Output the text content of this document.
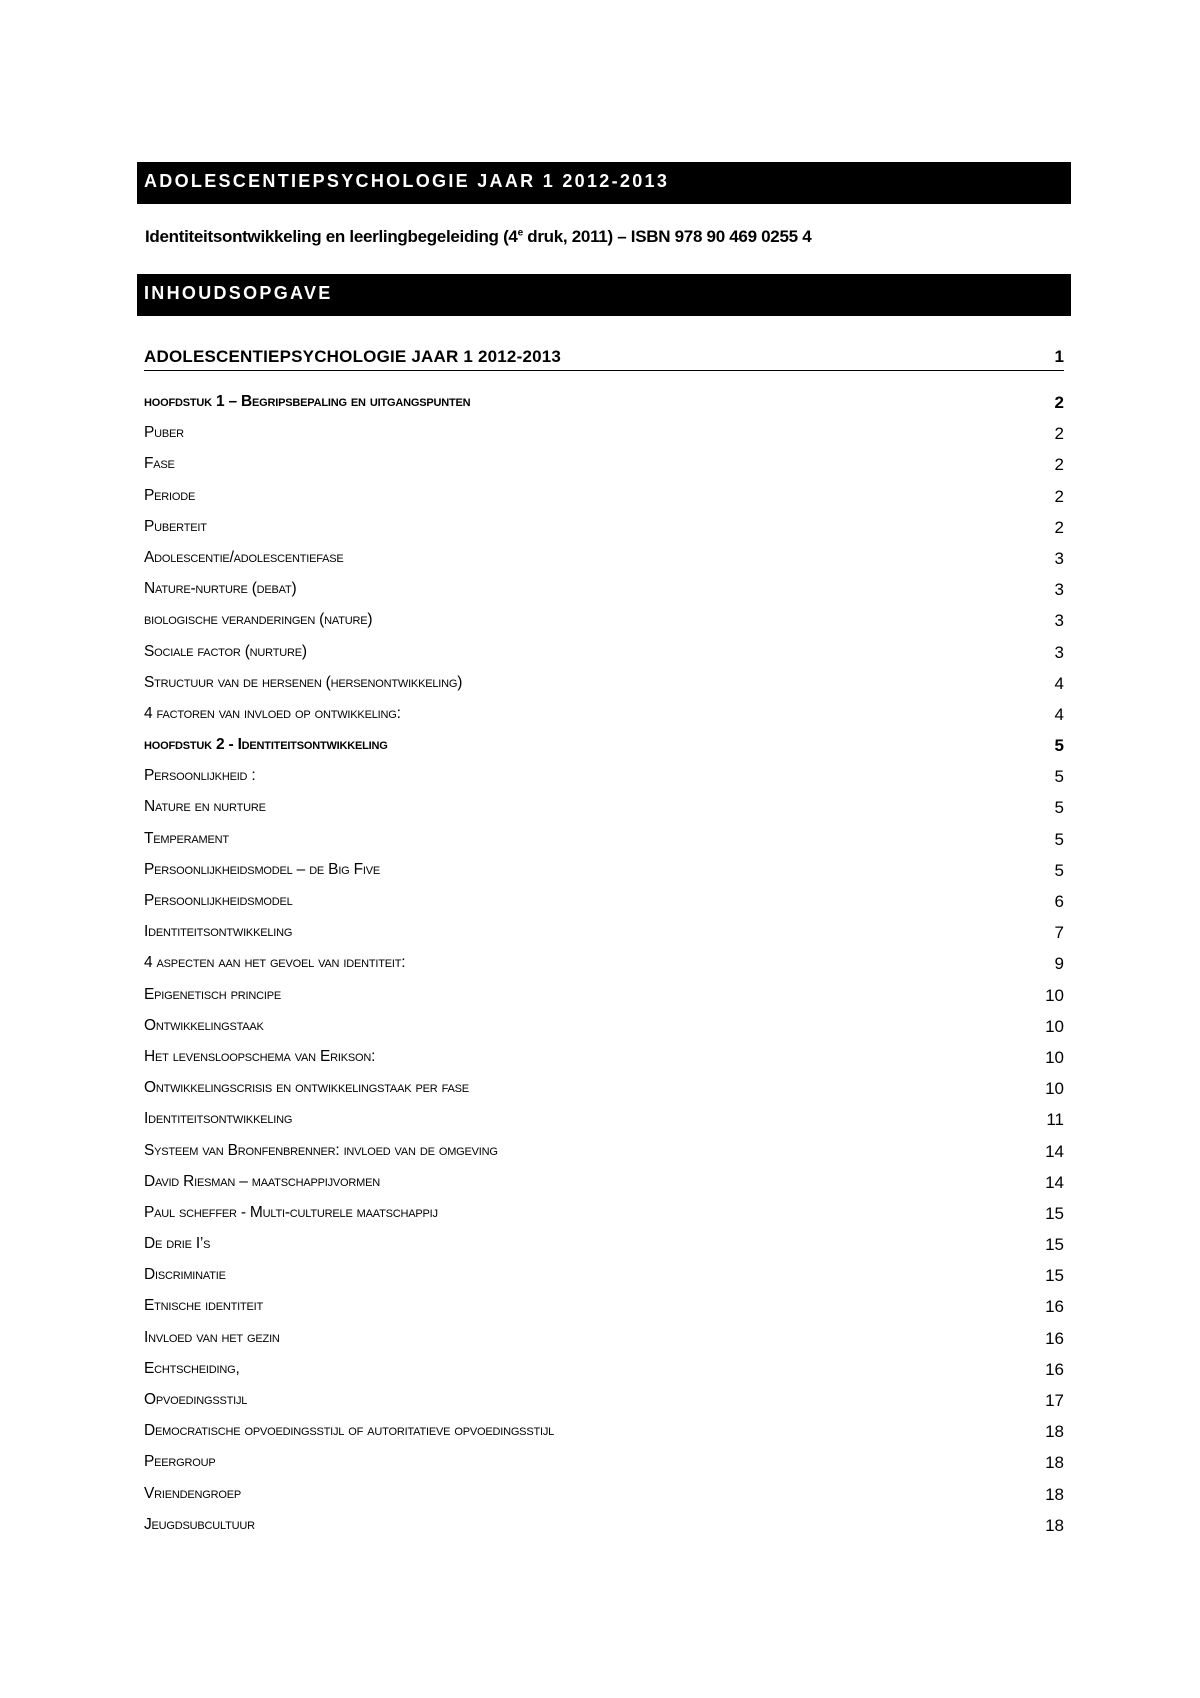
ADOLESCENTIEPSYCHOLOGIE JAAR 1 2012-2013
Identiteitsontwikkeling en leerlingbegeleiding (4e druk, 2011) – ISBN 978 90 469 0255 4
INHOUDSOPGAVE
ADOLESCENTIEPSYCHOLOGIE JAAR 1 2012-2013	1
hoofdstuk 1 – Begripsbepaling en uitgangspunten	2
Puber	2
Fase	2
Periode	2
Puberteit	2
Adolescentie/adolescentiefase	3
Nature-nurture (debat)	3
biologische veranderingen (nature)	3
Sociale factor (nurture)	3
Structuur van de hersenen (hersenontwikkeling)	4
4 factoren van invloed op ontwikkeling:	4
hoofdstuk 2 - Identiteitsontwikkeling	5
Persoonlijkheid :	5
Nature en nurture	5
Temperament	5
Persoonlijkheidsmodel – de Big Five	5
Persoonlijkheidsmodel	6
Identiteitsontwikkeling	7
4 aspecten aan het gevoel van identiteit:	9
Epigenetisch principe	10
Ontwikkelingstaak	10
Het levensloopschema van Erikson:	10
Ontwikkelingscrisis en ontwikkelingstaak per fase	10
Identiteitsontwikkeling	11
Systeem van Bronfenbrenner: invloed van de omgeving	14
David Riesman – maatschappijvormen	14
Paul scheffer - Multi-culturele maatschappij	15
De drie I’s	15
Discriminatie	15
Etnische identiteit	16
Invloed van het gezin	16
Echtscheiding,	16
Opvoedingsstijl	17
Democratische opvoedingsstijl of autoritatieve opvoedingsstijl	18
Peergroup	18
Vriendengroep	18
Jeugdsubcultuur	18
